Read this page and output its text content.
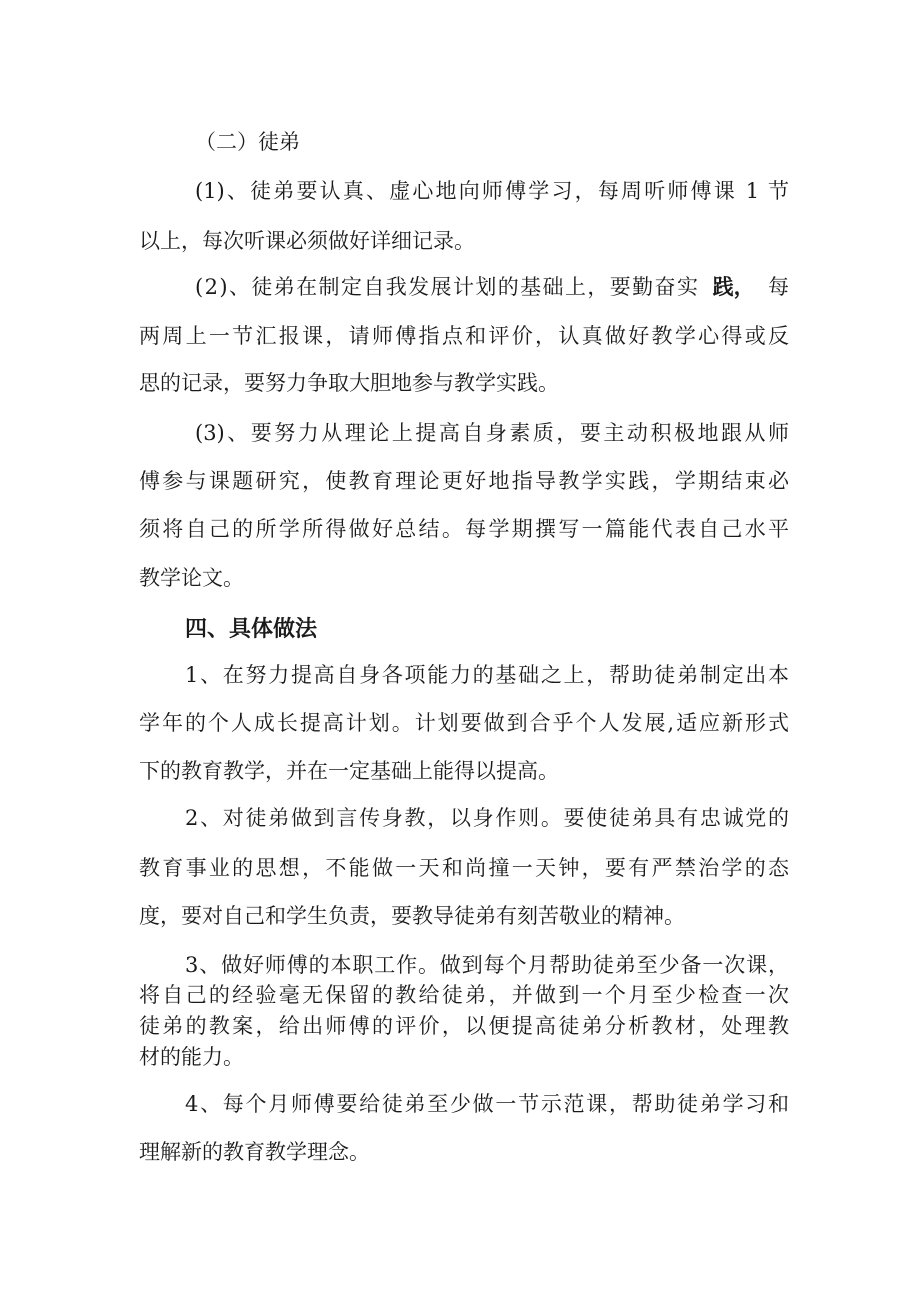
（二）徒弟
(1)、徒弟要认真、虚心地向师傅学习，每周听师傅课 1 节
以上，每次听课必须做好详细记录。
(2)、徒弟在制定自我发展计划的基础上，要勤奋实 践， 每
两周上一节汇报课，请师傅指点和评价，认真做好教学心得或反
思的记录，要努力争取大胆地参与教学实践。
(3)、要努力从理论上提高自身素质，要主动积极地跟从师
傅参与课题研究，使教育理论更好地指导教学实践，学期结束必
须将自己的所学所得做好总结。每学期撰写一篇能代表自己水平
教学论文。
四、具体做法
1、在努力提高自身各项能力的基础之上，帮助徒弟制定出本
学年的个人成长提高计划。计划要做到合乎个人发展,适应新形式
下的教育教学，并在一定基础上能得以提高。
2、对徒弟做到言传身教，以身作则。要使徒弟具有忠诚党的
教育事业的思想，不能做一天和尚撞一天钟，要有严禁治学的态
度，要对自己和学生负责，要教导徒弟有刻苦敬业的精神。
3、做好师傅的本职工作。做到每个月帮助徒弟至少备一次课，
将自己的经验毫无保留的教给徒弟，并做到一个月至少检查一次
徒弟的教案，给出师傅的评价，以便提高徒弟分析教材，处理教
材的能力。
4、每个月师傅要给徒弟至少做一节示范课，帮助徒弟学习和
理解新的教育教学理念。
